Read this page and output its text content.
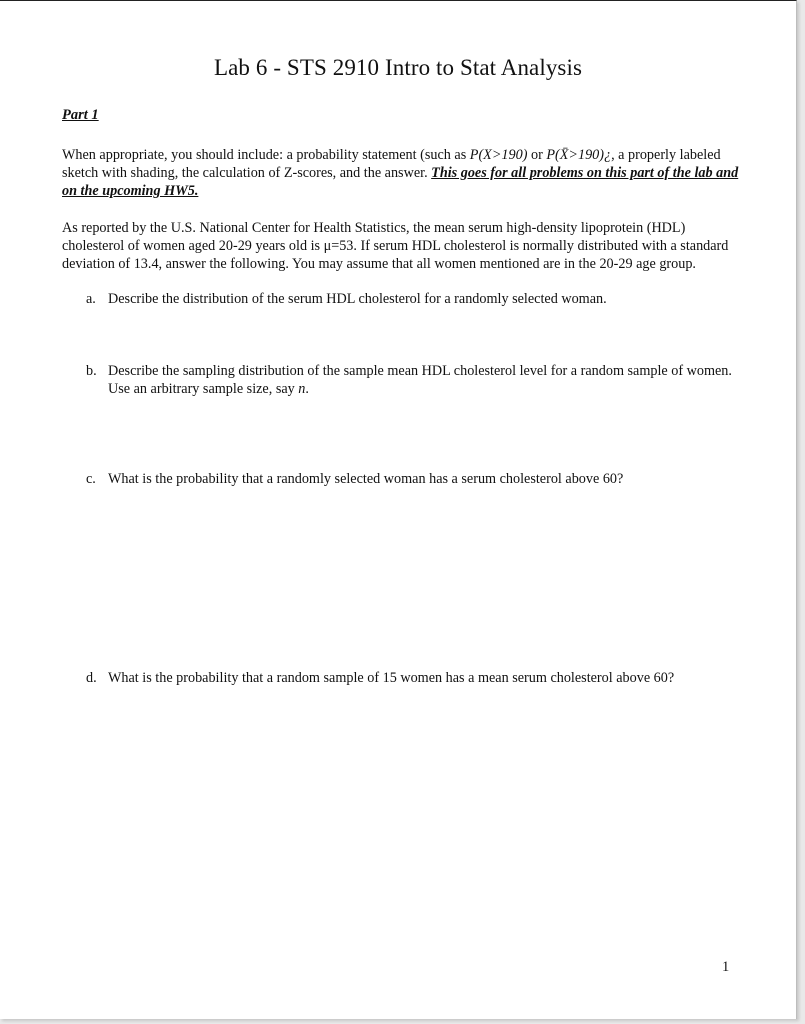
Lab 6 - STS 2910 Intro to Stat Analysis
Part 1
When appropriate, you should include: a probability statement (such as P(X>190) or P(X̄>190)¿, a properly labeled sketch with shading, the calculation of Z-scores, and the answer. This goes for all problems on this part of the lab and on the upcoming HW5.
As reported by the U.S. National Center for Health Statistics, the mean serum high-density lipoprotein (HDL) cholesterol of women aged 20-29 years old is μ=53. If serum HDL cholesterol is normally distributed with a standard deviation of 13.4, answer the following. You may assume that all women mentioned are in the 20-29 age group.
a. Describe the distribution of the serum HDL cholesterol for a randomly selected woman.
b. Describe the sampling distribution of the sample mean HDL cholesterol level for a random sample of women. Use an arbitrary sample size, say n.
c. What is the probability that a randomly selected woman has a serum cholesterol above 60?
d. What is the probability that a random sample of 15 women has a mean serum cholesterol above 60?
1
